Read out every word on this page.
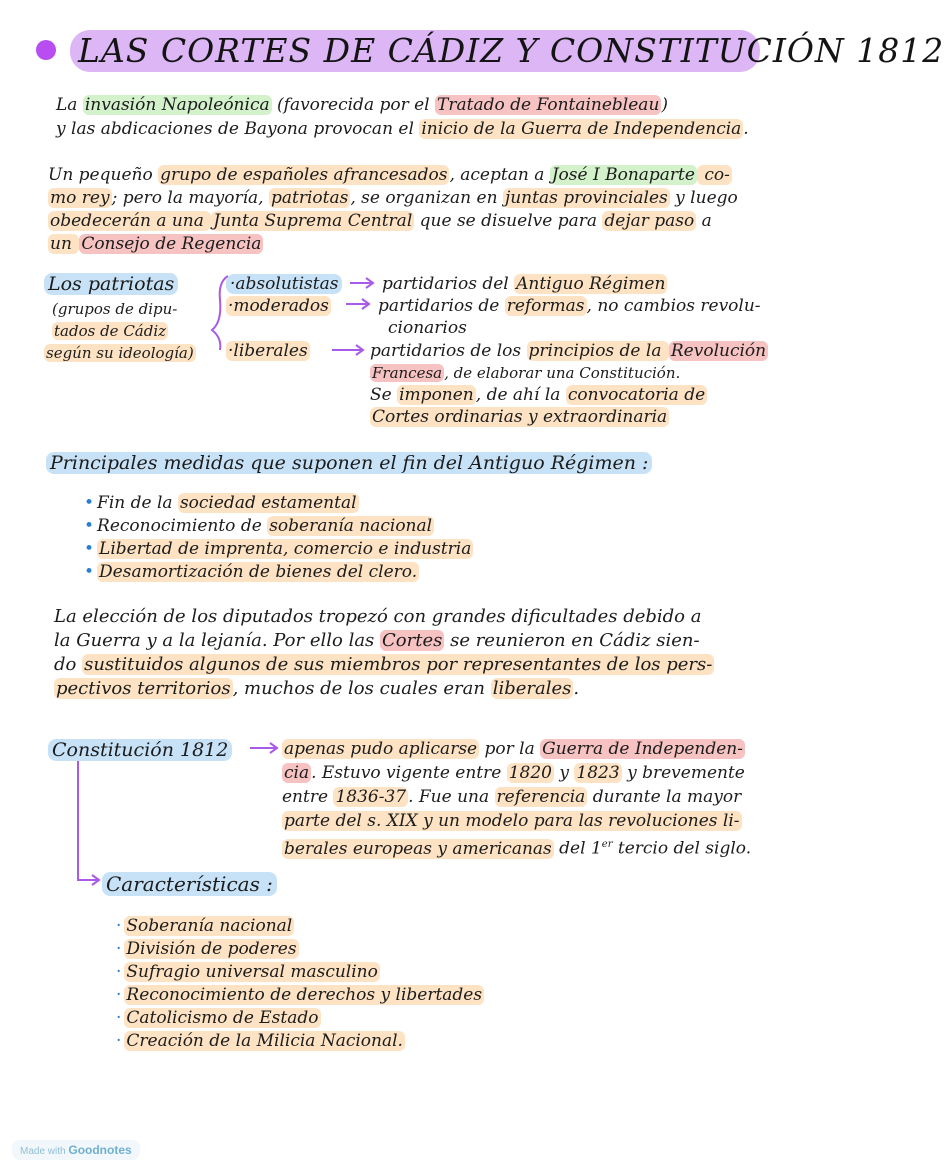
LAS CORTES DE CÁDIZ Y CONSTITUCIÓN 1812
La invasión Napoleónica (favorecida por el Tratado de Fontainebleau )
y las abdicaciones de Bayona provocan el inicio de la Guerra de Independencia .
Un pequeño grupo de españoles afrancesados , aceptan a José I Bonaparte co-
mo rey ; pero la mayoría, patriotas , se organizan en juntas provinciales y luego
obedecerán a una Junta Suprema Central que se disuelve para dejar paso a
un Consejo de Regencia
Los patriotas
(grupos de dipu-
tados de Cádiz
según su ideología)
·absolutistas	partidarios del Antiguo Régimen
·moderados	partidarios de reformas , no cambios revolu-
cionarios
·liberales	partidarios de los principios de la Revolución
Francesa , de elaborar una Constitución.
Se imponen , de ahí la convocatoria de
Cortes ordinarias y extraordinaria
Principales medidas que suponen el fin del Antiguo Régimen :
• Fin de la sociedad estamental
• Reconocimiento de soberanía nacional
• Libertad de imprenta, comercio e industria
• Desamortización de bienes del clero.
La elección de los diputados tropezó con grandes dificultades debido a
la Guerra y a la lejanía. Por ello las Cortes se reunieron en Cádiz sien-
do sustituidos algunos de sus miembros por representantes de los pers-
pectivos territorios , muchos de los cuales eran liberales .
Constitución 1812	apenas pudo aplicarse por la Guerra de Independen-
cia . Estuvo vigente entre 1820 y 1823 y brevemente
entre 1836-37 . Fue una referencia durante la mayor
parte del s. XIX y un modelo para las revoluciones li-
berales europeas y americanas del 1er tercio del siglo.
Características :
· Soberanía nacional
· División de poderes
· Sufragio universal masculino
· Reconocimiento de derechos y libertades
· Catolicismo de Estado
· Creación de la Milicia Nacional.
Made with Goodnotes
